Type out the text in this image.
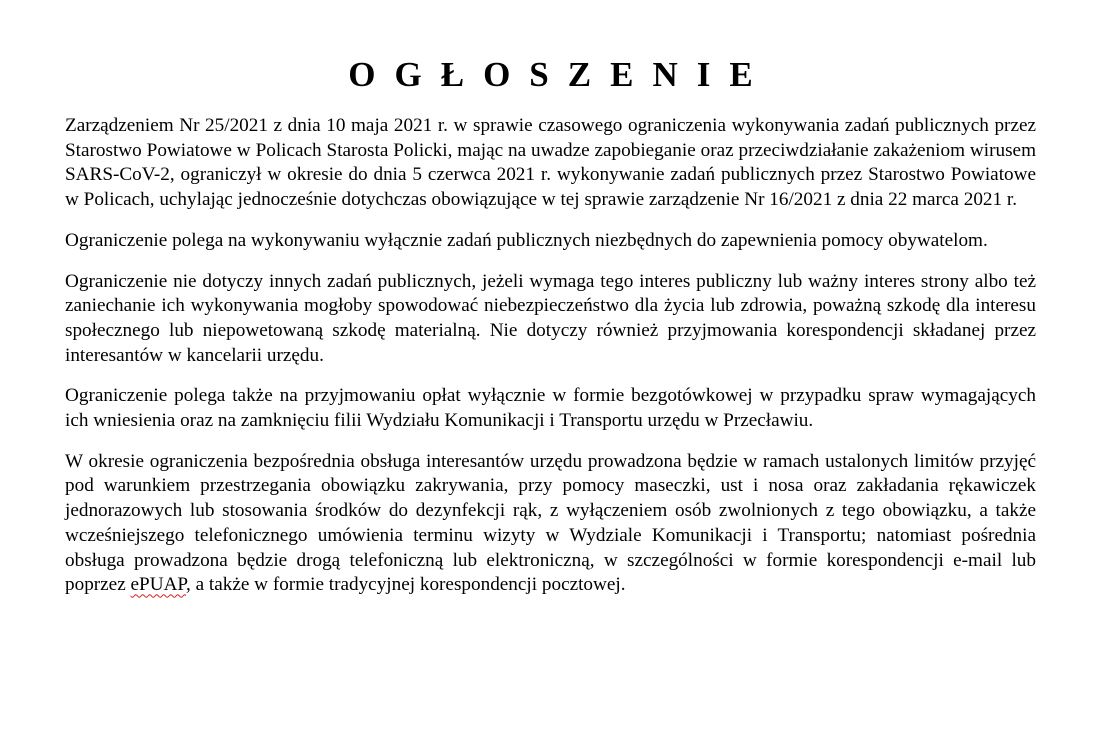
OGŁOSZENIE

Zarządzeniem Nr 25/2021 z dnia 10 maja 2021 r. w sprawie czasowego ograniczenia wykonywania zadań publicznych przez Starostwo Powiatowe w Policach Starosta Policki, mając na uwadze zapobieganie oraz przeciwdziałanie zakażeniom wirusem SARS-CoV-2, ograniczył w okresie do dnia 5 czerwca 2021 r. wykonywanie zadań publicznych przez Starostwo Powiatowe w Policach, uchylając jednocześnie dotychczas obowiązujące w tej sprawie zarządzenie Nr 16/2021 z dnia 22 marca 2021 r.

Ograniczenie polega na wykonywaniu wyłącznie zadań publicznych niezbędnych do zapewnienia pomocy obywatelom.

Ograniczenie nie dotyczy innych zadań publicznych, jeżeli wymaga tego interes publiczny lub ważny interes strony albo też zaniechanie ich wykonywania mogłoby spowodować niebezpieczeństwo dla życia lub zdrowia, poważną szkodę dla interesu społecznego lub niepowetowaną szkodę materialną. Nie dotyczy również przyjmowania korespondencji składanej przez interesantów w kancelarii urzędu.

Ograniczenie polega także na przyjmowaniu opłat wyłącznie w formie bezgotówkowej w przypadku spraw wymagających ich wniesienia oraz na zamknięciu filii Wydziału Komunikacji i Transportu urzędu w Przecławiu.

W okresie ograniczenia bezpośrednia obsługa interesantów urzędu prowadzona będzie w ramach ustalonych limitów przyjęć pod warunkiem przestrzegania obowiązku zakrywania, przy pomocy maseczki, ust i nosa oraz zakładania rękawiczek jednorazowych lub stosowania środków do dezynfekcji rąk, z wyłączeniem osób zwolnionych z tego obowiązku, a także wcześniejszego telefonicznego umówienia terminu wizyty w Wydziale Komunikacji i Transportu; natomiast pośrednia obsługa prowadzona będzie drogą telefoniczną lub elektroniczną, w szczególności w formie korespondencji e-mail lub poprzez ePUAP, a także w formie tradycyjnej korespondencji pocztowej.
